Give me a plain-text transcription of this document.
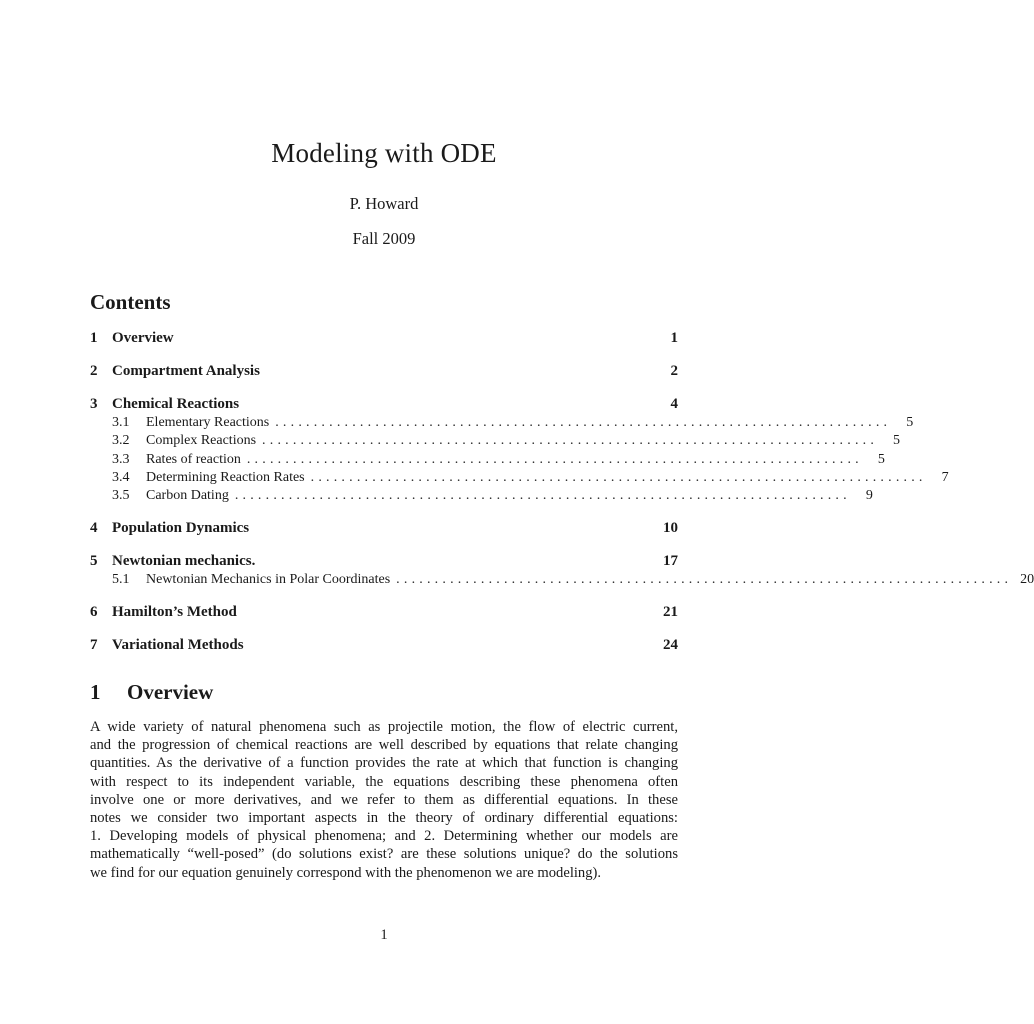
Modeling with ODE
P. Howard
Fall 2009
Contents
1 Overview	1
2 Compartment Analysis	2
3 Chemical Reactions	4
3.1	Elementary Reactions ................................................................................	5
3.2	Complex Reactions ................................................................................	5
3.3	Rates of reaction ................................................................................	5
3.4	Determining Reaction Rates ................................................................................	7
3.5	Carbon Dating ................................................................................	9
4 Population Dynamics	10
5 Newtonian mechanics.	17
5.1	Newtonian Mechanics in Polar Coordinates ................................................................................ 20
6 Hamilton’s Method	21
7 Variational Methods	24
1	Overview
A wide variety of natural phenomena such as projectile motion, the flow of electric current,
and the progression of chemical reactions are well described by equations that relate changing
quantities. As the derivative of a function provides the rate at which that function is changing
with respect to its independent variable, the equations describing these phenomena often
involve one or more derivatives, and we refer to them as differential equations. In these
notes we consider two important aspects in the theory of ordinary differential equations:
1. Developing models of physical phenomena; and 2. Determining whether our models are
mathematically “well-posed” (do solutions exist? are these solutions unique? do the solutions
we find for our equation genuinely correspond with the phenomenon we are modeling).
1
